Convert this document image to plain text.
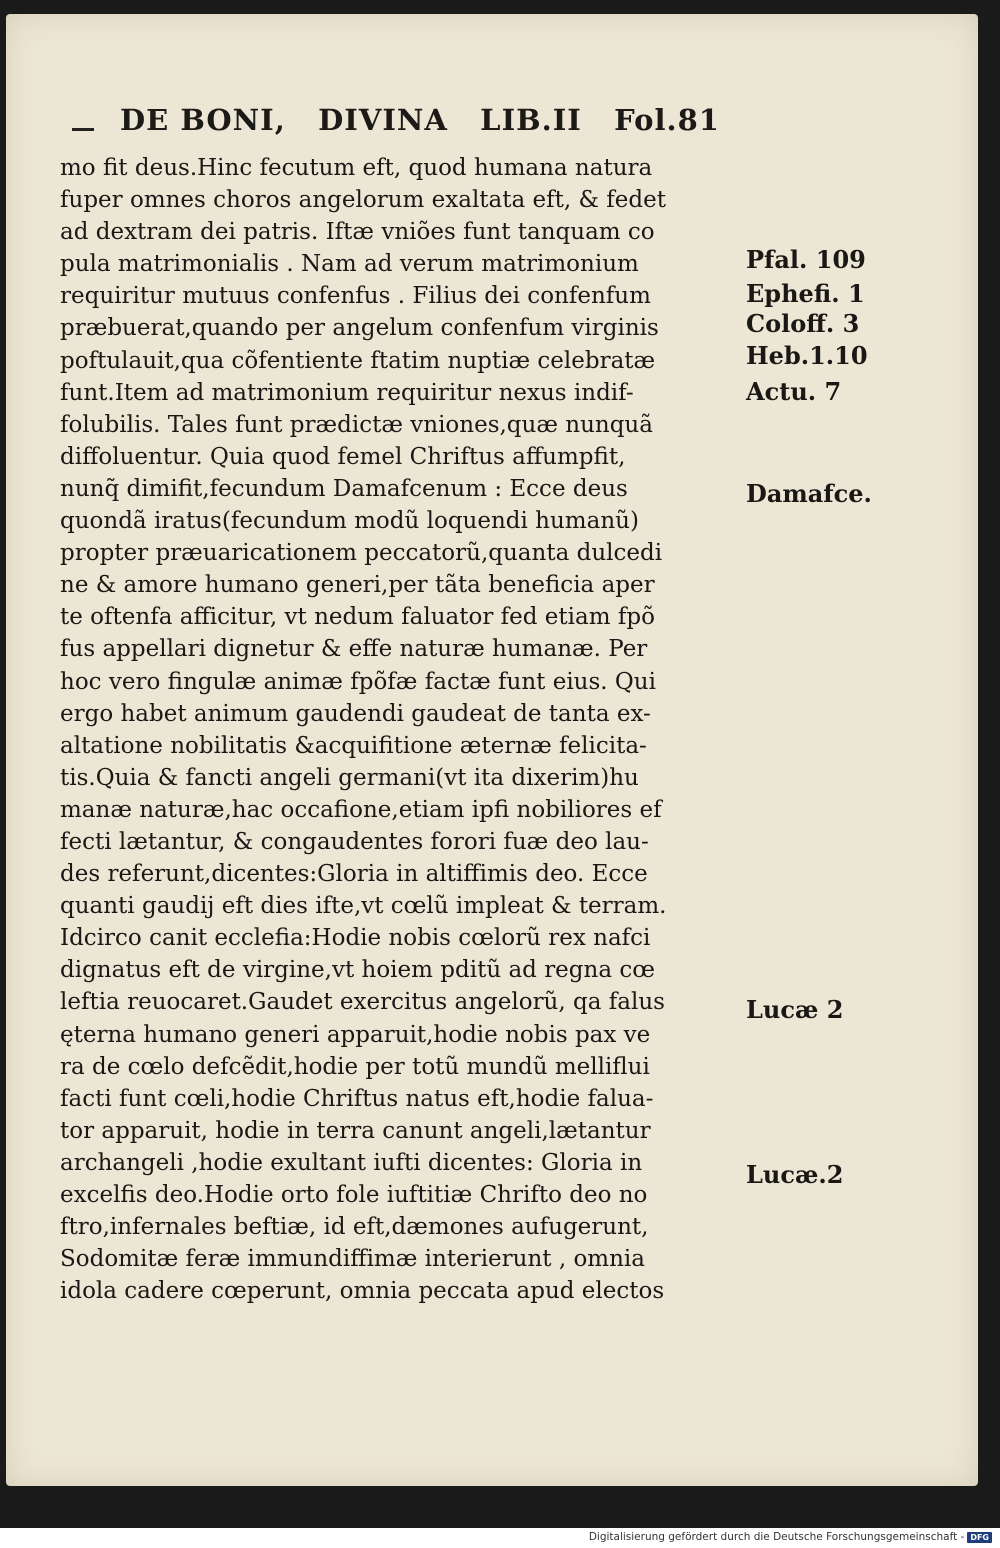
DE BONI, DIVINA LIB.II Fol.81
mo fit deus.Hinc fecutum eft, quod humana natura
fuper omnes choros angelorum exaltata eft, & fedet
ad dextram dei patris. Iftæ vniões funt tanquam co
pula matrimonialis . Nam ad verum matrimonium
requiritur mutuus confenfus . Filius dei confenfum
præbuerat,quando per angelum confenfum virginis
poftulauit,qua cõfentiente ftatim nuptiæ celebratæ
funt.Item ad matrimonium requiritur nexus indif-
folubilis. Tales funt prædictæ vniones,quæ nunquã
diffoluentur. Quia quod femel Chriftus affumpfit,
nunq̃ dimifit,fecundum Damafcenum : Ecce deus
quondã iratus(fecundum modũ loquendi humanũ)
propter præuaricationem peccatorũ,quanta dulcedi
ne & amore humano generi,per tãta beneficia aper
te oftenfa afficitur, vt nedum faluator fed etiam fpõ
fus appellari dignetur & effe naturæ humanæ. Per
hoc vero fingulæ animæ fpõfæ factæ funt eius. Qui
ergo habet animum gaudendi gaudeat de tanta ex-
altatione nobilitatis &acquifitione æternæ felicita-
tis.Quia & fancti angeli germani(vt ita dixerim)hu
manæ naturæ,hac occafione,etiam ipfi nobiliores ef
fecti lætantur, & congaudentes forori fuæ deo lau-
des referunt,dicentes:Gloria in altiffimis deo. Ecce
quanti gaudij eft dies ifte,vt cœlũ impleat & terram.
Idcirco canit ecclefia:Hodie nobis cœlorũ rex nafci
dignatus eft de virgine,vt hoiem pditũ ad regna cœ
leftia reuocaret.Gaudet exercitus angelorũ, qa falus
ęterna humano generi apparuit,hodie nobis pax ve
ra de cœlo defcẽdit,hodie per totũ mundũ melliflui
facti funt cœli,hodie Chriftus natus eft,hodie falua-
tor apparuit, hodie in terra canunt angeli,lætantur
archangeli ,hodie exultant iufti dicentes: Gloria in
excelfis deo.Hodie orto fole iuftitiæ Chrifto deo no
ftro,infernales beftiæ, id eft,dæmones aufugerunt,
Sodomitæ feræ immundiffimæ interierunt , omnia
idola cadere cœperunt, omnia peccata apud electos
Pfal. 109
Ephefi. 1
Coloff. 3
Heb.1.10
Actu. 7
Damafce.
Lucæ 2
Lucæ.2
Digitalisierung gefördert durch die Deutsche Forschungsgemeinschaft - DFG
